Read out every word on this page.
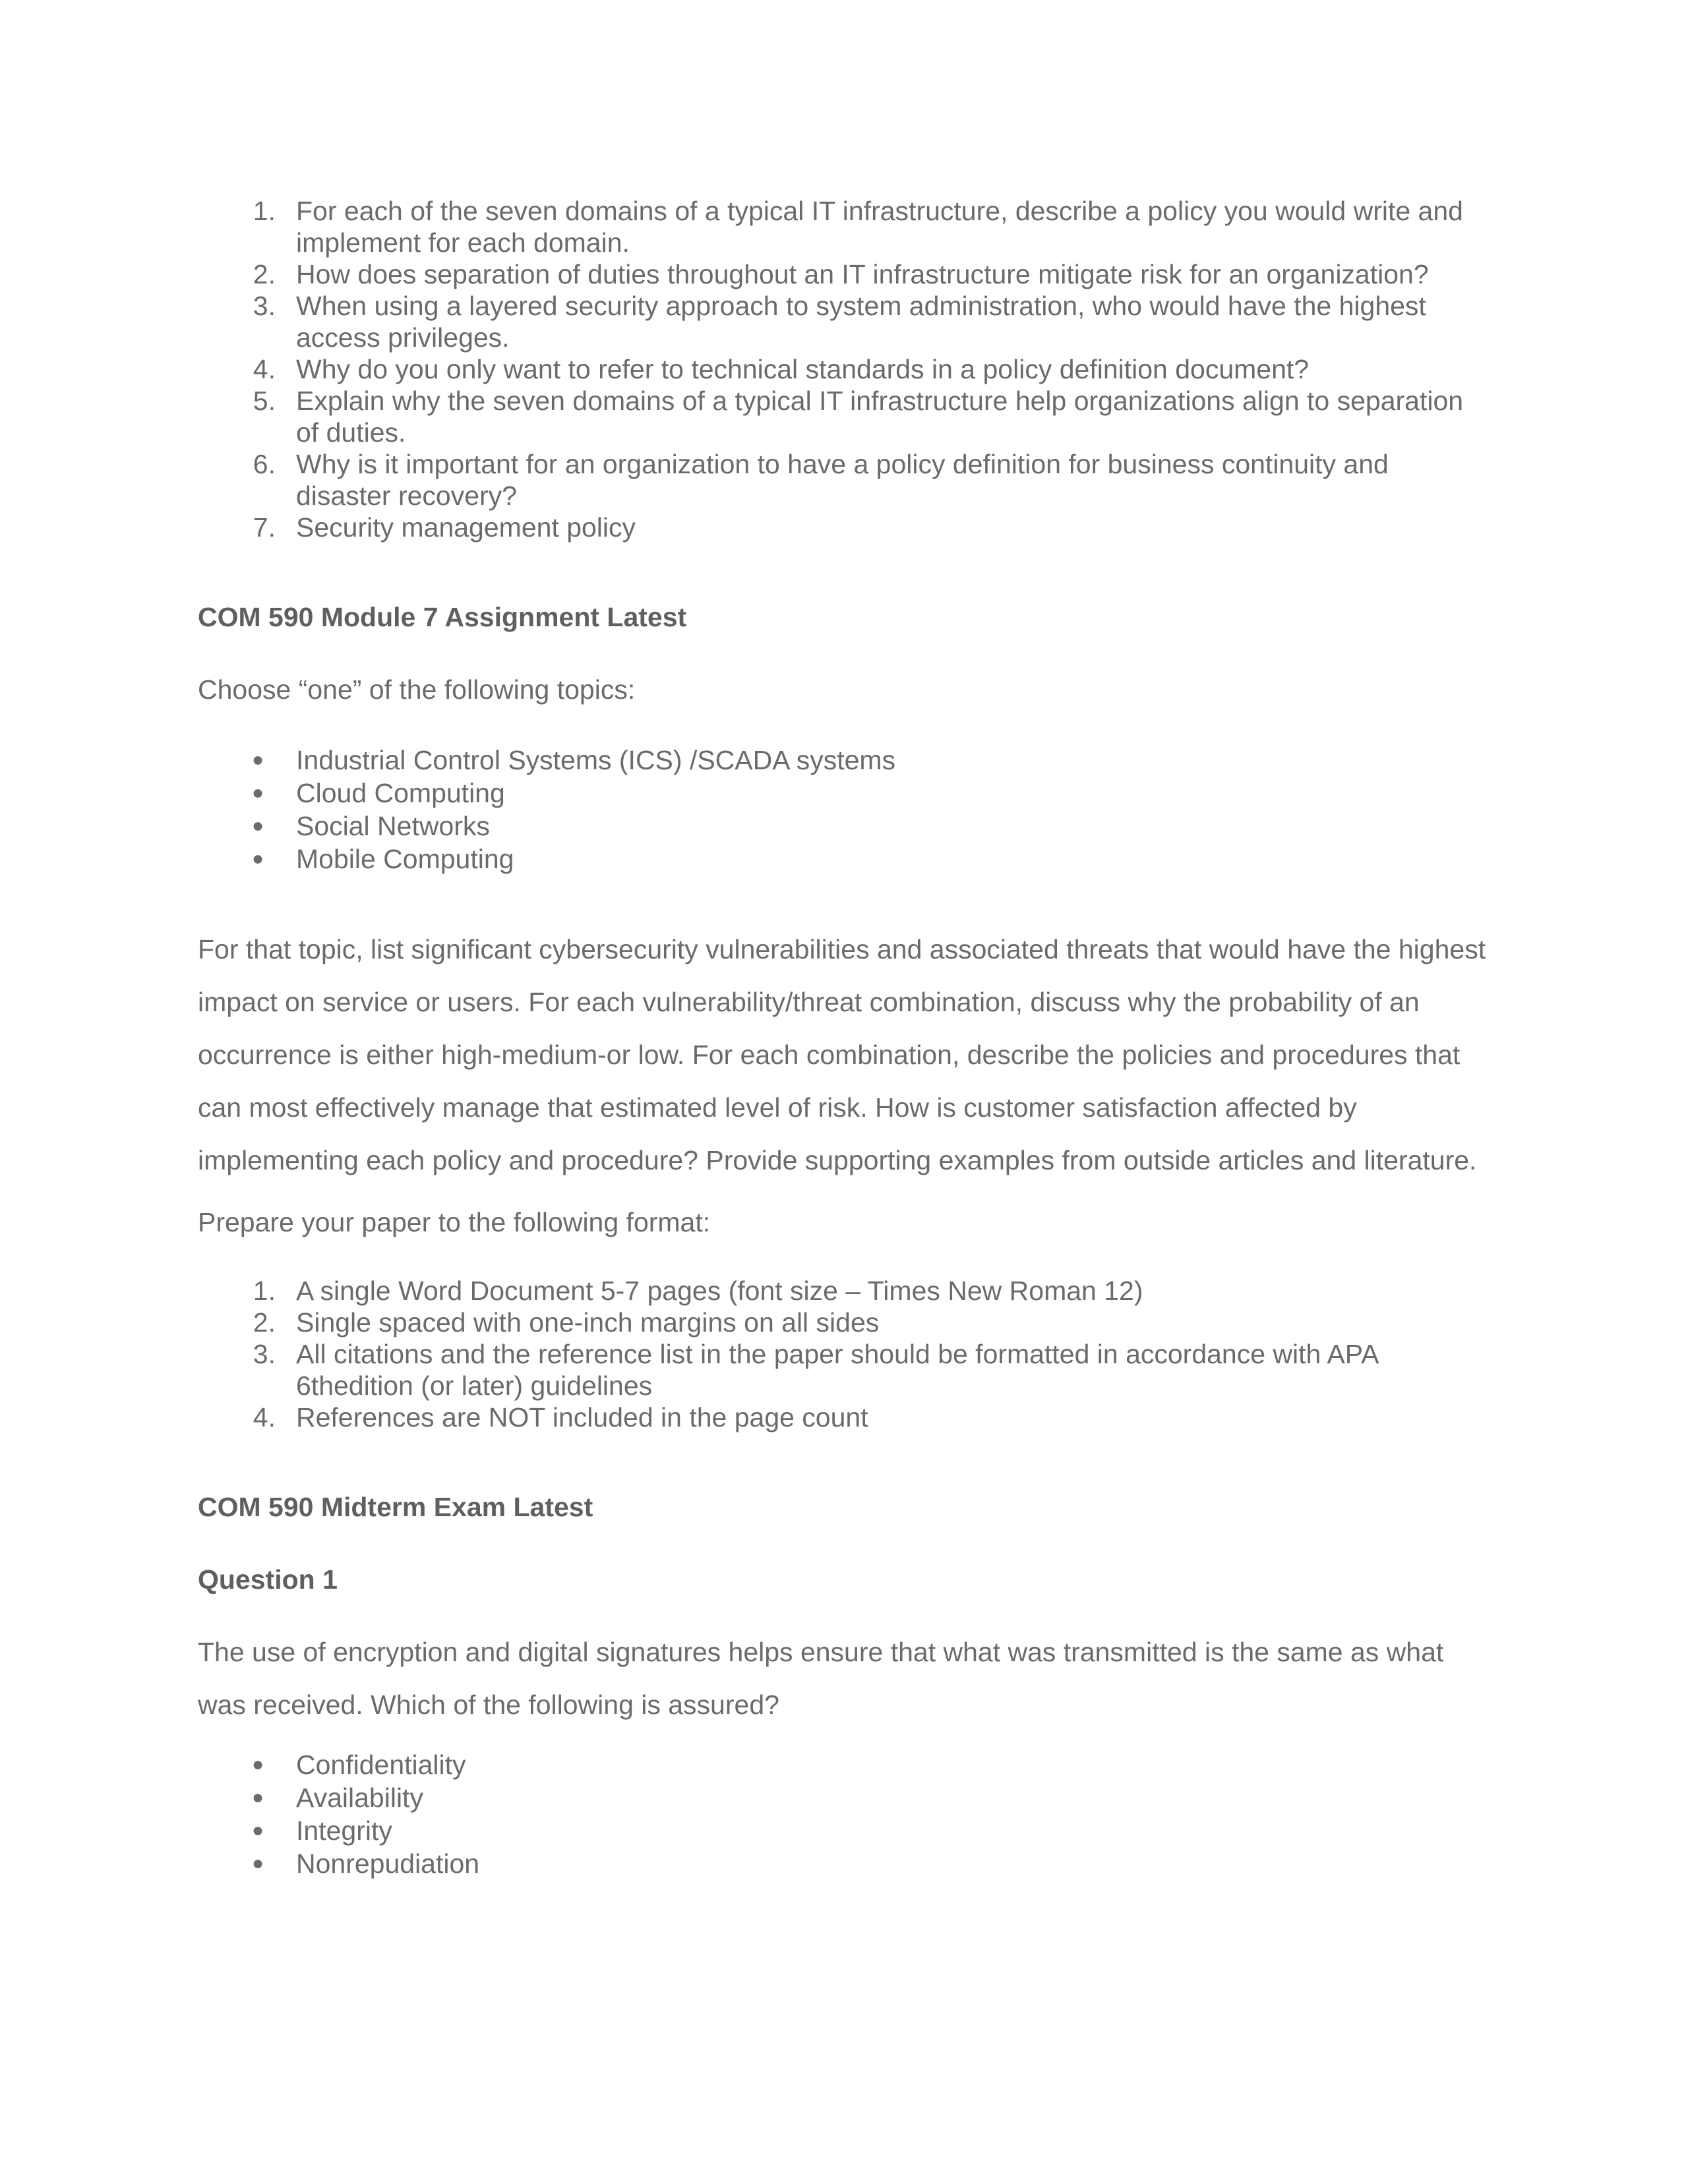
1. For each of the seven domains of a typical IT infrastructure, describe a policy you would write and implement for each domain.
2. How does separation of duties throughout an IT infrastructure mitigate risk for an organization?
3. When using a layered security approach to system administration, who would have the highest access privileges.
4. Why do you only want to refer to technical standards in a policy definition document?
5. Explain why the seven domains of a typical IT infrastructure help organizations align to separation of duties.
6. Why is it important for an organization to have a policy definition for business continuity and disaster recovery?
7. Security management policy
COM 590 Module 7 Assignment Latest
Choose “one” of the following topics:
● Industrial Control Systems (ICS) /SCADA systems
● Cloud Computing
● Social Networks
● Mobile Computing
For that topic, list significant cybersecurity vulnerabilities and associated threats that would have the highest impact on service or users. For each vulnerability/threat combination, discuss why the probability of an occurrence is either high-medium-or low. For each combination, describe the policies and procedures that can most effectively manage that estimated level of risk. How is customer satisfaction affected by implementing each policy and procedure? Provide supporting examples from outside articles and literature.
Prepare your paper to the following format:
1. A single Word Document 5-7 pages (font size – Times New Roman 12)
2. Single spaced with one-inch margins on all sides
3. All citations and the reference list in the paper should be formatted in accordance with APA 6thedition (or later) guidelines
4. References are NOT included in the page count
COM 590 Midterm Exam Latest
Question 1
The use of encryption and digital signatures helps ensure that what was transmitted is the same as what was received. Which of the following is assured?
● Confidentiality
● Availability
● Integrity
● Nonrepudiation
